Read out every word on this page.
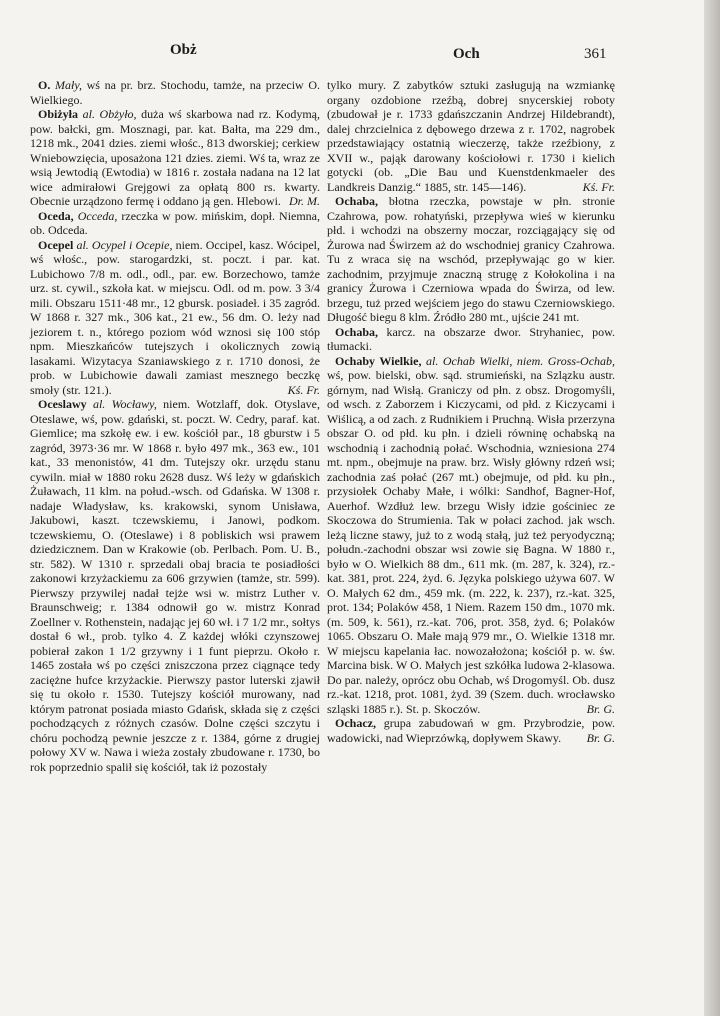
Obż	Och	361

O. Mały, wś na pr. brz. Stochodu, tamże, na przeciw O. Wielkiego.

Obiżyła al. Obżyło, duża wś skarbowa nad rz. Kodymą, pow. bałcki, gm. Mosznagi, par. kat. Bałta, ma 229 dm., 1218 mk., 2041 dzies. ziemi włośc., 813 dworskiej; cerkiew Wniebowzięcia, uposażona 121 dzies. ziemi. Wś ta, wraz ze wsią Jewtodią (Ewtodia) w 1816 r. została nadana na 12 lat wice admirałowi Grejgowi za opłatą 800 rs. kwarty. Obecnie urządzono fermę i oddano ją gen. Hlebowi. Dr. M.

Oceda, Occeda, rzeczka w pow. mińskim, dopł. Niemna, ob. Odceda.

Ocepel al. Ocypel i Ocepie, niem. Occipel, kasz. Wócipel, wś włośc., pow. starogardzki, st. poczt. i par. kat. Lubichowo 7/8 m. odl., odl., par. ew. Borzechowo, tamże urz. st. cywil., szkoła kat. w miejscu. Odl. od m. pow. 3 3/4 mili. Obszaru 1511·48 mr., 12 gbursk. posiadeł. i 35 zagród. W 1868 r. 327 mk., 306 kat., 21 ew., 56 dm. O. leży nad jeziorem t. n., którego poziom wód wznosi się 100 stóp npm. Mieszkańców tutejszych i okolicznych zowią lasakami. Wizytacya Szaniawskiego z r. 1710 donosi, że prob. w Lubichowie dawali zamiast mesznego beczkę smoły (str. 121.).	Kś. Fr.

Oceslawy al. Wocławy, niem. Wotzlaff, dok. Otyslave, Oteslawe, wś, pow. gdański, st. poczt. W. Cedry, paraf. kat. Giemlice; ma szkołę ew. i ew. kościół par., 18 gburstw i 5 zagród, 3973·36 mr. W 1868 r. było 497 mk., 363 ew., 101 kat., 33 menonistów, 41 dm. Tutejszy okr. urzędu stanu cywiln. miał w 1880 roku 2628 dusz. Wś leży w gdańskich Żuławach, 11 klm. na połud.-wsch. od Gdańska. W 1308 r. nadaje Władysław, ks. krakowski, synom Unisława, Jakubowi, kaszt. tczewskiemu, i Janowi, podkom. tczewskiemu, O. (Oteslawe) i 8 pobliskich wsi prawem dziedzicznem. Dan w Krakowie (ob. Perlbach. Pom. U. B., str. 582). W 1310 r. sprzedali obaj bracia te posiadłości zakonowi krzyżackiemu za 606 grzywien (tamże, str. 599). Pierwszy przywilej nadał tejże wsi w. mistrz Luther v. Braunschweig; r. 1384 odnowił go w. mistrz Konrad Zoellner v. Rothenstein, nadając jej 60 wł. i 7 1/2 mr., sołtys dostał 6 wł., prob. tylko 4. Z każdej włóki czynszowej pobierał zakon 1 1/2 grzywny i 1 funt pieprzu. Około r. 1465 została wś po części zniszczona przez ciągnące tedy zaciężne hufce krzyżackie. Pierwszy pastor luterski zjawił się tu około r. 1530. Tutejszy kościół murowany, nad którym patronat posiada miasto Gdańsk, składa się z części pochodzących z różnych czasów. Dolne części szczytu i chóru pochodzą pewnie jeszcze z r. 1384, górne z drugiej połowy XV w. Nawa i wieża zostały zbudowane r. 1730, bo rok poprzednio spalił się kościół, tak iż pozostały

tylko mury. Z zabytków sztuki zasługują na wzmiankę organy ozdobione rzeźbą, dobrej snycerskiej roboty (zbudował je r. 1733 gdańszczanin Andrzej Hildebrandt), dalej chrzcielnica z dębowego drzewa z r. 1702, nagrobek przedstawiający ostatnią wieczerzę, także rzeźbiony, z XVII w., pająk darowany kościołowi r. 1730 i kielich gotycki (ob. „Die Bau und Kuenstdenkmaeler des Landkreis Danzig.“ 1885, str. 145—146).	Kś. Fr.

Ochaba, błotna rzeczka, powstaje w płn. stronie Czahrowa, pow. rohatyński, przepływa wieś w kierunku płd. i wchodzi na obszerny moczar, rozciągający się od Żurowa nad Świrzem aż do wschodniej granicy Czahrowa. Tu z wraca się na wschód, przepływając go w kier. zachodnim, przyjmuje znaczną strugę z Kołokolina i na granicy Żurowa i Czerniowa wpada do Świrza, od lew. brzegu, tuż przed wejściem jego do stawu Czerniowskiego. Długość biegu 8 klm. Źródło 280 mt., ujście 241 mt.

Ochaba, karcz. na obszarze dwor. Stryhaniec, pow. tłumacki.

Ochaby Wielkie, al. Ochab Wielki, niem. Gross-Ochab, wś, pow. bielski, obw. sąd. strumieński, na Szlązku austr. górnym, nad Wisłą. Graniczy od płn. z obsz. Drogomyśli, od wsch. z Zaborzem i Kiczycami, od płd. z Kiczycami i Wiślicą, a od zach. z Rudnikiem i Pruchną. Wisła przerzyna obszar O. od płd. ku płn. i dzieli równinę ochabską na wschodnią i zachodnią połać. Wschodnia, wzniesiona 274 mt. npm., obejmuje na praw. brz. Wisły główny rdzeń wsi; zachodnia zaś połać (267 mt.) obejmuje, od płd. ku płn., przysiołek Ochaby Małe, i wólki: Sandhof, Bagner-Hof, Auerhof. Wzdłuż lew. brzegu Wisły idzie gościniec ze Skoczowa do Strumienia. Tak w połaci zachod. jak wsch. leżą liczne stawy, już to z wodą stałą, już też peryodyczną; połudn.-zachodni obszar wsi zowie się Bagna. W 1880 r., było w O. Wielkich 88 dm., 611 mk. (m. 287, k. 324), rz.-kat. 381, prot. 224, żyd. 6. Języka polskiego używa 607. W O. Małych 62 dm., 459 mk. (m. 222, k. 237), rz.-kat. 325, prot. 134; Polaków 458, 1 Niem. Razem 150 dm., 1070 mk. (m. 509, k. 561), rz.-kat. 706, prot. 358, żyd. 6; Polaków 1065. Obszaru O. Małe mają 979 mr., O. Wielkie 1318 mr. W miejscu kapelania łac. nowozałożona; kościół p. w. św. Marcina bisk. W O. Małych jest szkółka ludowa 2-klasowa. Do par. należy, oprócz obu Ochab, wś Drogomyśl. Ob. dusz rz.-kat. 1218, prot. 1081, żyd. 39 (Szem. duch. wrocławsko szląski 1885 r.). St. p. Skoczów.	Br. G.

Ochacz, grupa zabudowań w gm. Przybrodzie, pow. wadowicki, nad Wieprzówką, dopływem Skawy.	Br. G.
